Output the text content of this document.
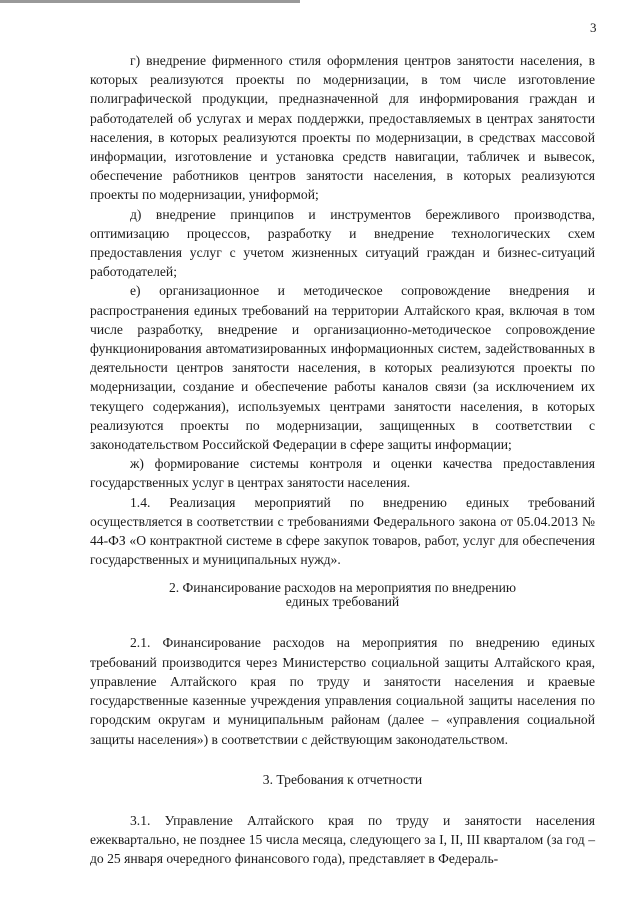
3

г) внедрение фирменного стиля оформления центров занятости населения, в которых реализуются проекты по модернизации, в том числе изготовление полиграфической продукции, предназначенной для информирования граждан и работодателей об услугах и мерах поддержки, предоставляемых в центрах занятости населения, в которых реализуются проекты по модернизации, в средствах массовой информации, изготовление и установка средств навигации, табличек и вывесок, обеспечение работников центров занятости населения, в которых реализуются проекты по модернизации, униформой;

д) внедрение принципов и инструментов бережливого производства, оптимизацию процессов, разработку и внедрение технологических схем предоставления услуг с учетом жизненных ситуаций граждан и бизнес-ситуаций работодателей;

е) организационное и методическое сопровождение внедрения и распространения единых требований на территории Алтайского края, включая в том числе разработку, внедрение и организационно-методическое сопровождение функционирования автоматизированных информационных систем, задействованных в деятельности центров занятости населения, в которых реализуются проекты по модернизации, создание и обеспечение работы каналов связи (за исключением их текущего содержания), используемых центрами занятости населения, в которых реализуются проекты по модернизации, защищенных в соответствии с законодательством Российской Федерации в сфере защиты информации;

ж) формирование системы контроля и оценки качества предоставления государственных услуг в центрах занятости населения.

1.4. Реализация мероприятий по внедрению единых требований осуществляется в соответствии с требованиями Федерального закона от 05.04.2013 № 44-ФЗ «О контрактной системе в сфере закупок товаров, работ, услуг для обеспечения государственных и муниципальных нужд».

2. Финансирование расходов на мероприятия по внедрению
единых требований

2.1. Финансирование расходов на мероприятия по внедрению единых требований производится через Министерство социальной защиты Алтайского края, управление Алтайского края по труду и занятости населения и краевые государственные казенные учреждения управления социальной защиты населения по городским округам и муниципальным районам (далее – «управления социальной защиты населения») в соответствии с действующим законодательством.

3. Требования к отчетности

3.1. Управление Алтайского края по труду и занятости населения ежеквартально, не позднее 15 числа месяца, следующего за I, II, III кварталом (за год – до 25 января очередного финансового года), представляет в Федераль-
